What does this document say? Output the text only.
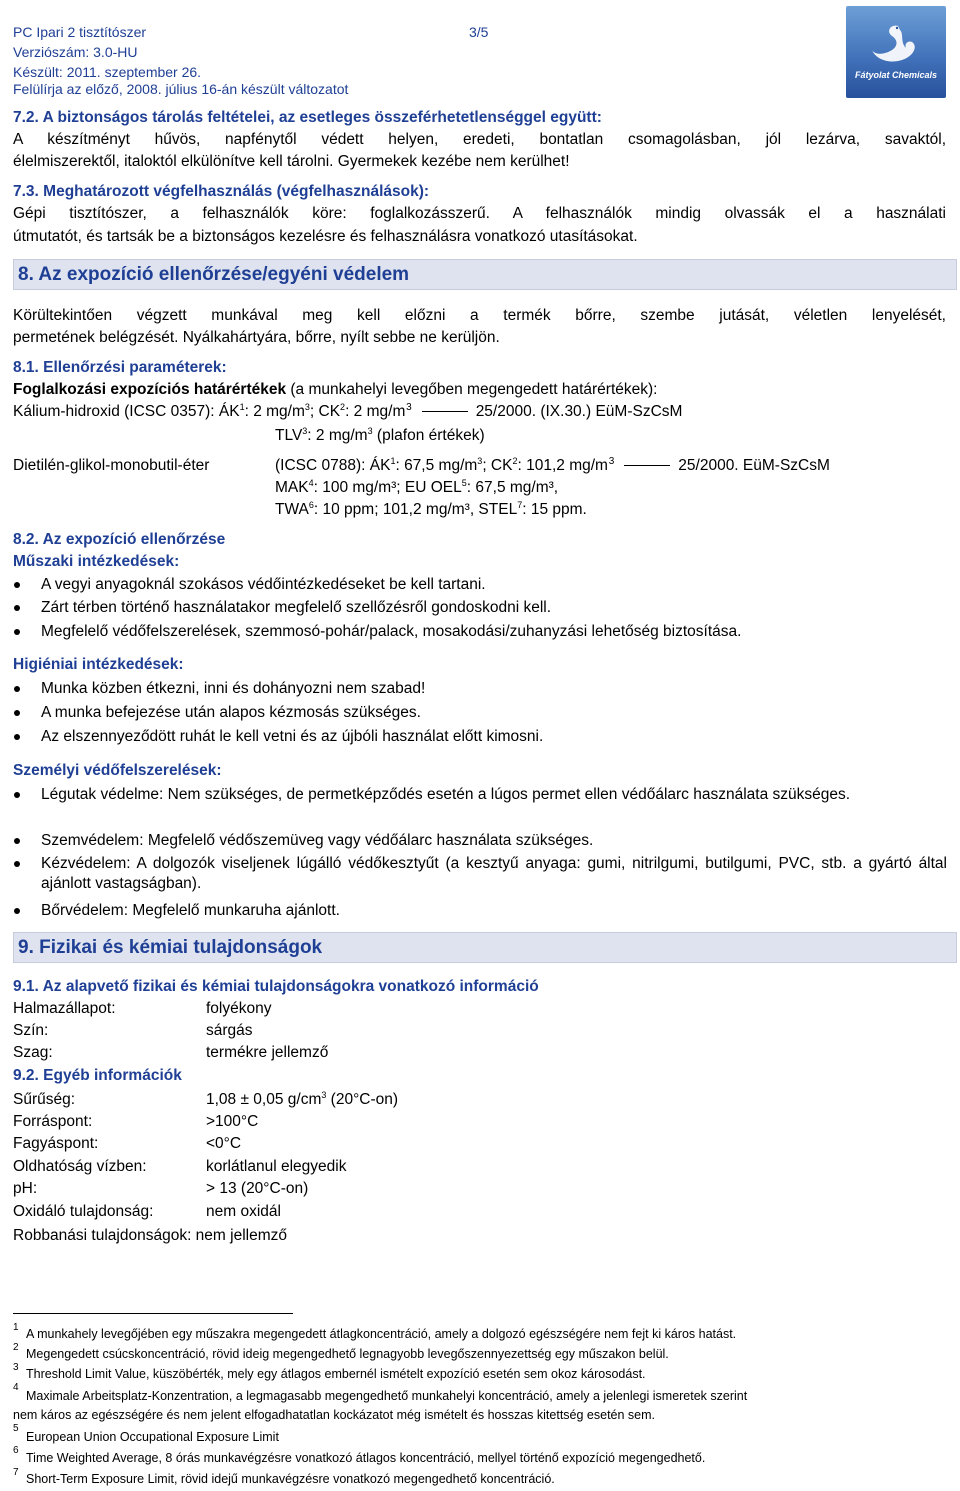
PC Ipari 2 tisztítószer	3/5
Verziószám: 3.0-HU
Készült: 2011. szeptember 26.
Felülírja az előző, 2008. július 16-án készült változatot
Fátyolat Chemicals
7.2. A biztonságos tárolás feltételei, az esetleges összeférhetetlenséggel együtt:
A készítményt hűvös, napfénytől védett helyen, eredeti, bontatlan csomagolásban, jól lezárva, savaktól,
élelmiszerektől, italoktól elkülönítve kell tárolni. Gyermekek kezébe nem kerülhet!
7.3. Meghatározott végfelhasználás (végfelhasználások):
Gépi tisztítószer, a felhasználók köre: foglalkozásszerű. A felhasználók mindig olvassák el a használati
útmutatót, és tartsák be a biztonságos kezelésre és felhasználásra vonatkozó utasításokat.
8. Az expozíció ellenőrzése/egyéni védelem
Körültekintően végzett munkával meg kell előzni a termék bőrre, szembe jutását, véletlen lenyelését,
permetének belégzését. Nyálkahártyára, bőrre, nyílt sebbe ne kerüljön.
8.1. Ellenőrzési paraméterek:
Foglalkozási expozíciós határértékek (a munkahelyi levegőben megengedett határértékek):
Kálium-hidroxid (ICSC 0357): $ÁK^1$: 2 $mg/m^3$; $CK^2$: 2 mg/m $^3$	25/2000. (IX.30.) EüM-SzCsM
TLV$^3$: 2 $mg/m^3$ (plafon értékek)
Dietilén-glikol-monobutil-éter	(ICSC 0788): $ÁK^1$: 67,5 $mg/m^3$; $CK^2$: 101,2 mg/m $^3$	25/2000. EüM-SzCsM
MAK$^4$: 100 mg/m³; EU OEL$^5$: 67,5 mg/m³,
TWA$^6$: 10 ppm; 101,2 mg/m³, STEL$^7$: 15 ppm.
8.2. Az expozíció ellenőrzése
Műszaki intézkedések:
A vegyi anyagoknál szokásos védőintézkedéseket be kell tartani.
Zárt térben történő használatakor megfelelő szellőzésről gondoskodni kell.
Megfelelő védőfelszerelések, szemmosó-pohár/palack, mosakodási/zuhanyzási lehetőség biztosítása.
Higiéniai intézkedések:
Munka közben étkezni, inni és dohányozni nem szabad!
A munka befejezése után alapos kézmosás szükséges.
Az elszennyeződött ruhát le kell vetni és az újbóli használat előtt kimosni.
Személyi védőfelszerelések:
Légutak védelme: Nem szükséges, de permetképződés esetén a lúgos permet ellen védőálarc használata szükséges.
Szemvédelem: Megfelelő védőszemüveg vagy védőálarc használata szükséges.
Kézvédelem: A dolgozók viseljenek lúgálló védőkesztyűt (a kesztyű anyaga: gumi, nitrilgumi, butilgumi, PVC, stb. a gyártó által ajánlott vastagságban).
Bőrvédelem: Megfelelő munkaruha ajánlott.
9. Fizikai és kémiai tulajdonságok
9.1. Az alapvető fizikai és kémiai tulajdonságokra vonatkozó információ
Halmazállapot:	folyékony
Szín:	sárgás
Szag:	termékre jellemző
9.2. Egyéb információk
Sűrűség:	1,08 ± 0,05 $g/cm^3$ (20°C-on)
Forráspont:	>100°C
Fagyáspont:	<0°C
Oldhatóság vízben:	korlátlanul elegyedik
pH:	> 13 (20°C-on)
Oxidáló tulajdonság:	nem oxidál
Robbanási tulajdonságok: nem jellemző
1 A munkahely levegőjében egy műszakra megengedett átlagkoncentráció, amely a dolgozó egészségére nem fejt ki káros hatást.
2 Megengedett csúcskoncentráció, rövid ideig megengedhető legnagyobb levegőszennyezettség egy műszakon belül.
3 Threshold Limit Value, küszöbérték, mely egy átlagos embernél ismételt expozíció esetén sem okoz károsodást.
4
Maximale Arbeitsplatz-Konzentration, a legmagasabb megengedhető munkahelyi koncentráció, amely a jelenlegi ismeretek szerint
nem káros az egészségére és nem jelent elfogadhatatlan kockázatot még ismételt és hosszas kitettség esetén sem.
5
European Union Occupational Exposure Limit
6
Time Weighted Average, 8 órás munkavégzésre vonatkozó átlagos koncentráció, mellyel történő expozíció megengedhető.
7 Short-Term Exposure Limit, rövid idejű munkavégzésre vonatkozó megengedhető koncentráció.
